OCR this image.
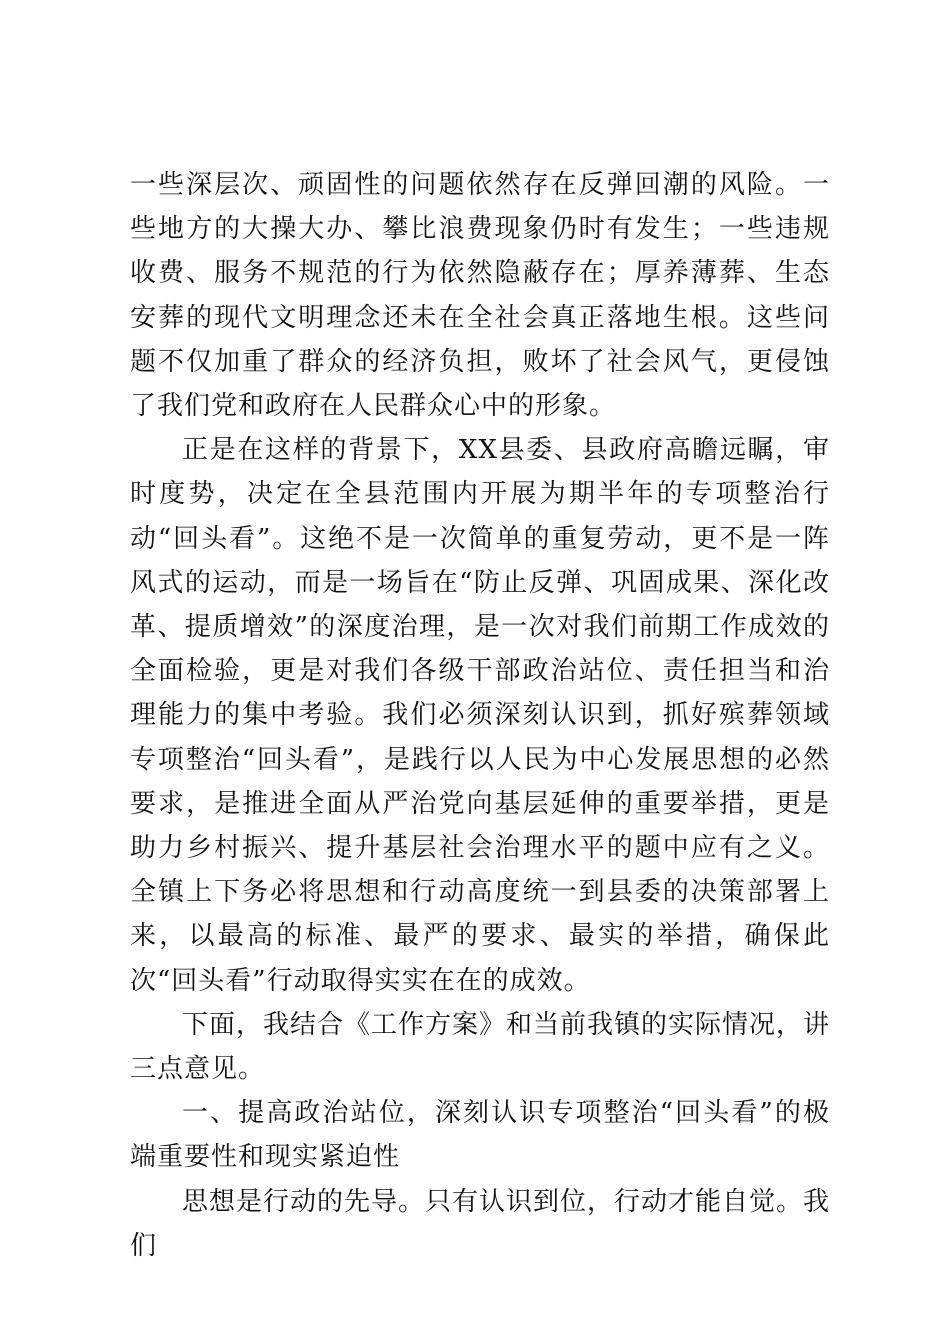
一些深层次、顽固性的问题依然存在反弹回潮的风险。一些地方的大操大办、攀比浪费现象仍时有发生；一些违规收费、服务不规范的行为依然隐蔽存在；厚养薄葬、生态安葬的现代文明理念还未在全社会真正落地生根。这些问题不仅加重了群众的经济负担，败坏了社会风气，更侵蚀了我们党和政府在人民群众心中的形象。

正是在这样的背景下，XX县委、县政府高瞻远瞩，审时度势，决定在全县范围内开展为期半年的专项整治行动“回头看”。这绝不是一次简单的重复劳动，更不是一阵风式的运动，而是一场旨在“防止反弹、巩固成果、深化改革、提质增效”的深度治理，是一次对我们前期工作成效的全面检验，更是对我们各级干部政治站位、责任担当和治理能力的集中考验。我们必须深刻认识到，抓好殡葬领域专项整治“回头看”，是践行以人民为中心发展思想的必然要求，是推进全面从严治党向基层延伸的重要举措，更是助力乡村振兴、提升基层社会治理水平的题中应有之义。全镇上下务必将思想和行动高度统一到县委的决策部署上来，以最高的标准、最严的要求、最实的举措，确保此次“回头看”行动取得实实在在的成效。

下面，我结合《工作方案》和当前我镇的实际情况，讲三点意见。

一、提高政治站位，深刻认识专项整治“回头看”的极端重要性和现实紧迫性

思想是行动的先导。只有认识到位，行动才能自觉。我们
